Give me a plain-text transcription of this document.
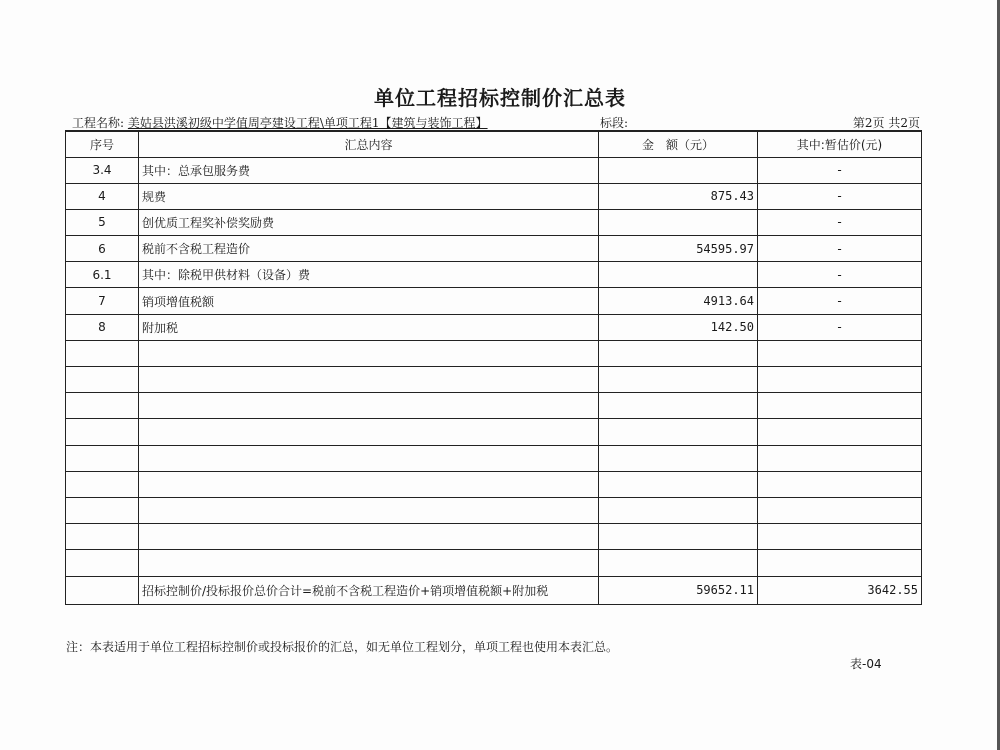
单位工程招标控制价汇总表
工程名称: 美姑县洪溪初级中学值周亭建设工程\单项工程1【建筑与装饰工程】	标段:	第2页 共2页
序号	汇总内容	金　额（元）	其中:暂估价(元)
3.4	其中：总承包服务费		-
4	规费	875.43	-
5	创优质工程奖补偿奖励费		-
6	税前不含税工程造价	54595.97	-
6.1	其中：除税甲供材料（设备）费		-
7	销项增值税额	4913.64	-
8	附加税	142.50	-

	招标控制价/投标报价总价合计=税前不含税工程造价+销项增值税额+附加税	59652.11	3642.55
注：本表适用于单位工程招标控制价或投标报价的汇总，如无单位工程划分，单项工程也使用本表汇总。
表-04
